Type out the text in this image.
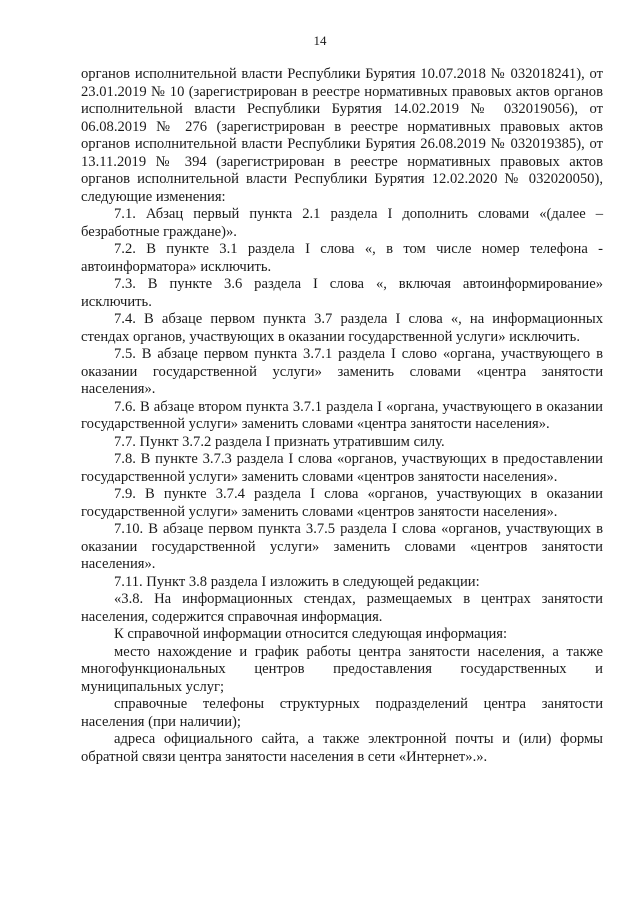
14

органов исполнительной власти Республики Бурятия 10.07.2018 № 032018241), от 23.01.2019 № 10 (зарегистрирован в реестре нормативных правовых актов органов исполнительной власти Республики Бурятия 14.02.2019 № 032019056), от 06.08.2019 № 276 (зарегистрирован в реестре нормативных правовых актов органов исполнительной власти Республики Бурятия 26.08.2019 № 032019385), от 13.11.2019 № 394 (зарегистрирован в реестре нормативных правовых актов органов исполнительной власти Республики Бурятия 12.02.2020 № 032020050), следующие изменения:

7.1. Абзац первый пункта 2.1 раздела I дополнить словами «(далее – безработные граждане)».

7.2. В пункте 3.1 раздела I слова «, в том числе номер телефона - автоинформатора» исключить.

7.3. В пункте 3.6 раздела I слова «, включая автоинформирование» исключить.

7.4. В абзаце первом пункта 3.7 раздела I слова «, на информационных стендах органов, участвующих в оказании государственной услуги» исключить.

7.5. В абзаце первом пункта 3.7.1 раздела I слово «органа, участвующего в оказании государственной услуги» заменить словами «центра занятости населения».

7.6. В абзаце втором пункта 3.7.1 раздела I «органа, участвующего в оказании государственной услуги» заменить словами «центра занятости населения».

7.7. Пункт 3.7.2 раздела I признать утратившим силу.

7.8. В пункте 3.7.3 раздела I слова «органов, участвующих в предоставлении государственной услуги» заменить словами «центров занятости населения».

7.9. В пункте 3.7.4 раздела I слова «органов, участвующих в оказании государственной услуги» заменить словами «центров занятости населения».

7.10. В абзаце первом пункта 3.7.5 раздела I слова «органов, участвующих в оказании государственной услуги» заменить словами «центров занятости населения».

7.11. Пункт 3.8 раздела I изложить в следующей редакции:

«3.8. На информационных стендах, размещаемых в центрах занятости населения, содержится справочная информация.

К справочной информации относится следующая информация:

место нахождение и график работы центра занятости населения, а также многофункциональных центров предоставления государственных и муниципальных услуг;

справочные телефоны структурных подразделений центра занятости населения (при наличии);

адреса официального сайта, а также электронной почты и (или) формы обратной связи центра занятости населения в сети «Интернет».».
